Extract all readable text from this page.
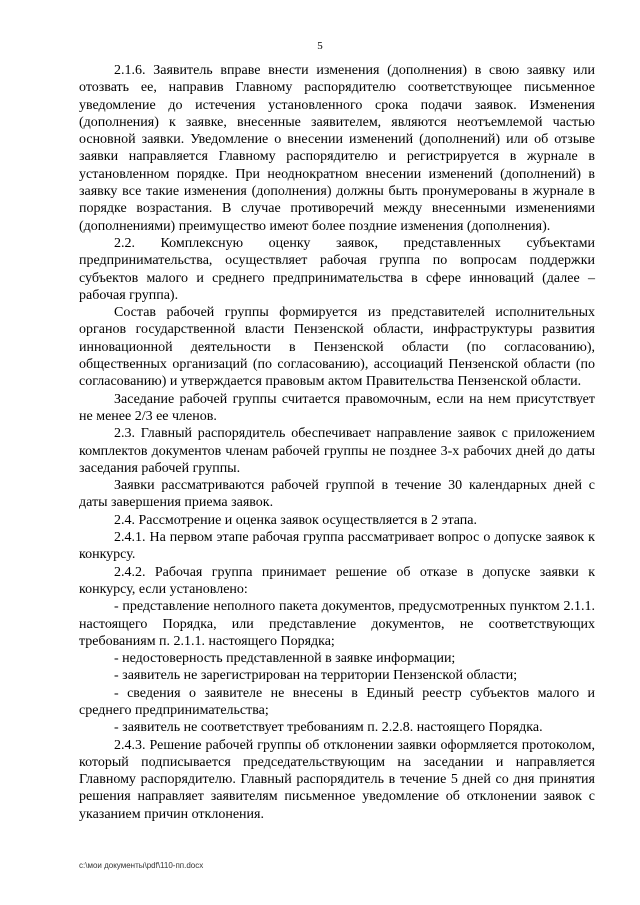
5

2.1.6. Заявитель вправе внести изменения (дополнения) в свою заявку или отозвать ее, направив Главному распорядителю соответствующее письменное уведомление до истечения установленного срока подачи заявок. Изменения (дополнения) к заявке, внесенные заявителем, являются неотъемлемой частью основной заявки. Уведомление о внесении изменений (дополнений) или об отзыве заявки направляется Главному распорядителю и регистрируется в журнале в установленном порядке. При неоднократном внесении изменений (дополнений) в заявку все такие изменения (дополнения) должны быть пронумерованы в журнале в порядке возрастания. В случае противоречий между внесенными изменениями (дополнениями) преимущество имеют более поздние изменения (дополнения).

2.2. Комплексную оценку заявок, представленных субъектами предпринимательства, осуществляет рабочая группа по вопросам поддержки субъектов малого и среднего предпринимательства в сфере инноваций (далее – рабочая группа).

Состав рабочей группы формируется из представителей исполнительных органов государственной власти Пензенской области, инфраструктуры развития инновационной деятельности в Пензенской области (по согласованию), общественных организаций (по согласованию), ассоциаций Пензенской области (по согласованию) и утверждается правовым актом Правительства Пензенской области.

Заседание рабочей группы считается правомочным, если на нем присутствует не менее 2/3 ее членов.

2.3. Главный распорядитель обеспечивает направление заявок с приложением комплектов документов членам рабочей группы не позднее 3-х рабочих дней до даты заседания рабочей группы.

Заявки рассматриваются рабочей группой в течение 30 календарных дней с даты завершения приема заявок.

2.4. Рассмотрение и оценка заявок осуществляется в 2 этапа.

2.4.1. На первом этапе рабочая группа рассматривает вопрос о допуске заявок к конкурсу.

2.4.2. Рабочая группа принимает решение об отказе в допуске заявки к конкурсу, если установлено:

- представление неполного пакета документов, предусмотренных пунктом 2.1.1. настоящего Порядка, или представление документов, не соответствующих требованиям п. 2.1.1. настоящего Порядка;

- недостоверность представленной в заявке информации;

- заявитель не зарегистрирован на территории Пензенской области;

- сведения о заявителе не внесены в Единый реестр субъектов малого и среднего предпринимательства;

- заявитель не соответствует требованиям п. 2.2.8. настоящего Порядка.

2.4.3. Решение рабочей группы об отклонении заявки оформляется протоколом, который подписывается председательствующим на заседании и направляется Главному распорядителю. Главный распорядитель в течение 5 дней со дня принятия решения направляет заявителям письменное уведомление об отклонении заявок с указанием причин отклонения.

c:\мои документы\pdf\110-пп.docx
